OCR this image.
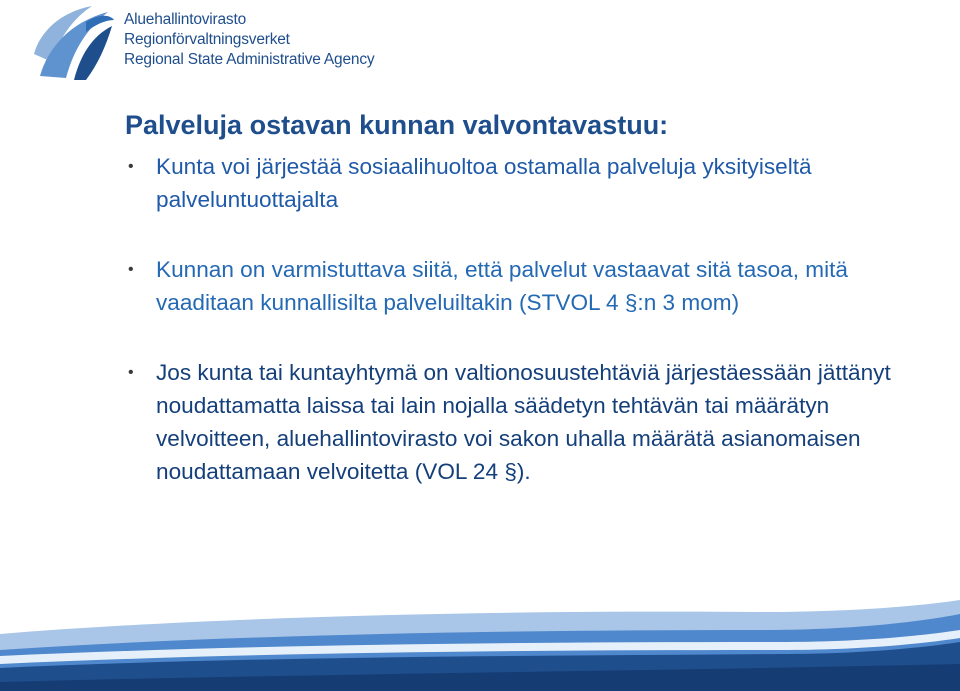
Aluehallintovirasto
Regionförvaltningsverket
Regional State Administrative Agency
Palveluja ostavan kunnan valvontavastuu:
• Kunta voi järjestää sosiaalihuoltoa ostamalla palveluja yksityiseltä palveluntuottajalta
• Kunnan on varmistuttava siitä, että palvelut vastaavat sitä tasoa, mitä vaaditaan kunnallisilta palveluiltakin (STVOL 4 §:n 3 mom)
• Jos kunta tai kuntayhtymä on valtionosuustehtäviä järjestäessään jättänyt noudattamatta laissa tai lain nojalla säädetyn tehtävän tai määrätyn velvoitteen, aluehallintovirasto voi sakon uhalla määrätä asianomaisen noudattamaan velvoitetta (VOL 24 §).
